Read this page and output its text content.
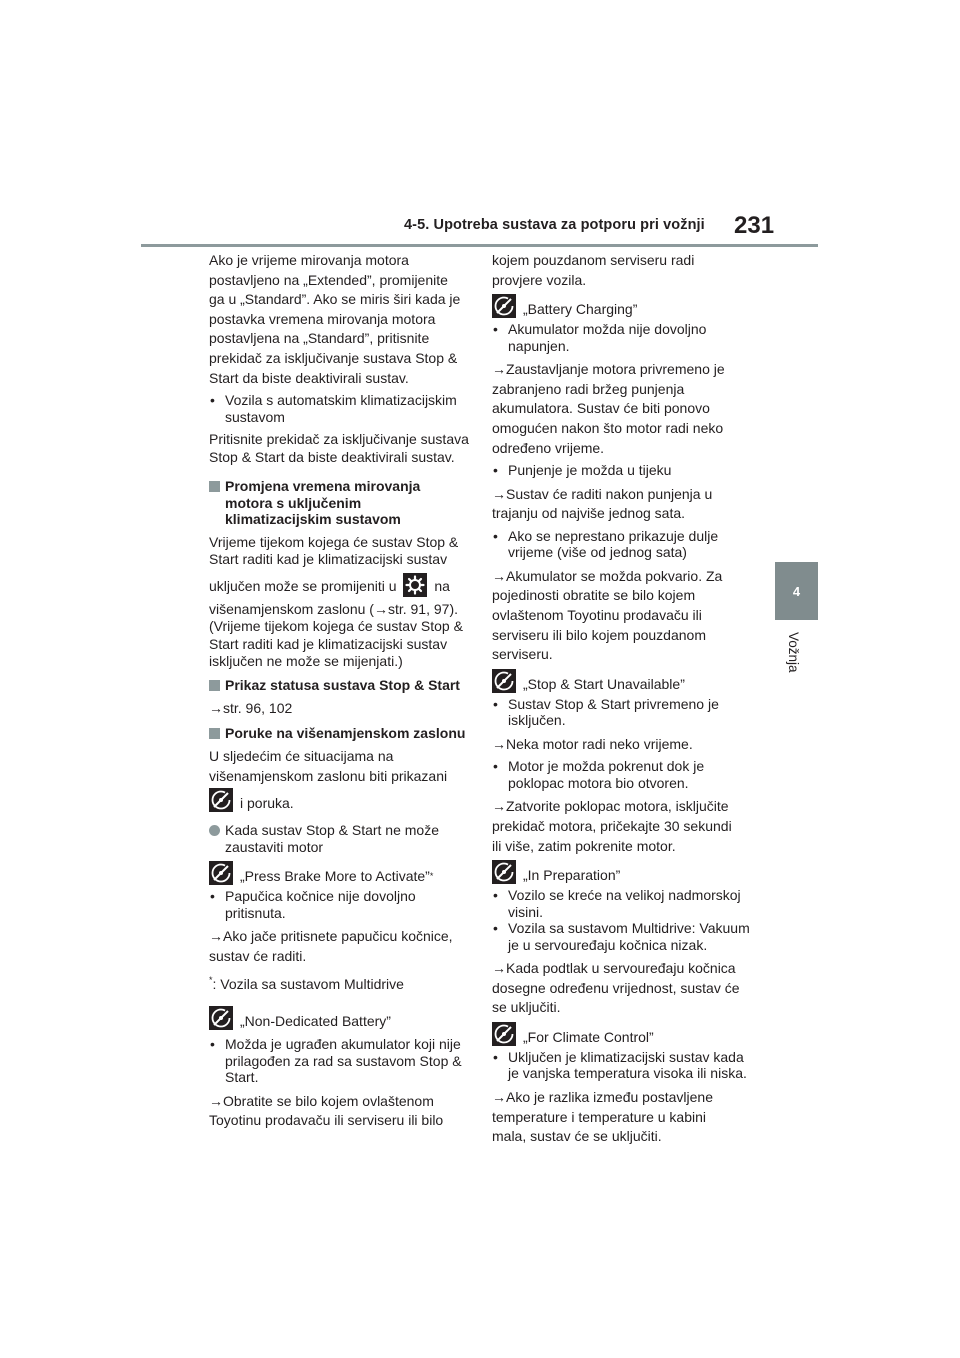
4-5. Upotreba sustava za potporu pri vožnji 231
4
Vožnja

Ako je vrijeme mirovanja motora

postavljeno na „Extended”, promijenite

ga u „Standard”. Ako se miris širi kada je

postavka vremena mirovanja motora

postavljena na „Standard”, pritisnite

prekidač za isključivanje sustava Stop &

Start da biste deaktivirali sustav.

• Vozila s automatskim klimatizacijskim sustavom

Pritisnite prekidač za isključivanje sustava Stop & Start da biste deaktivirali sustav.

Promjena vremena mirovanja motora s uključenim klimatizacijskim sustavom

Vrijeme tijekom kojega će sustav Stop & Start raditi kad je klimatizacijski sustav

uključen može se promijeniti u	na

višenamjenskom zaslonu (→str. 91, 97). (Vrijeme tijekom kojega će sustav Stop & Start raditi kad je klimatizacijski sustav isključen ne može se mijenjati.)

Prikaz statusa sustava Stop & Start

→str. 96, 102

Poruke na višenamjenskom zaslonu

U sljedećim će situacijama na

višenamjenskom zaslonu biti prikazani

i poruka.
Kada sustav Stop & Start ne može zaustaviti motor
„Press Brake More to Activate” *
• Papučica kočnice nije dovoljno pritisnuta.

→Ako jače pritisnete papučicu kočnice,

sustav će raditi.

*: Vozila sa sustavom Multidrive

„Non-Dedicated Battery”
• Možda je ugrađen akumulator koji nije prilagođen za rad sa sustavom Stop & Start.

→Obratite se bilo kojem ovlaštenom

Toyotinu prodavaču ili serviseru ili bilo

kojem pouzdanom serviseru radi

provjere vozila.

„Battery Charging”
• Akumulator možda nije dovoljno napunjen.

→Zaustavljanje motora privremeno je

zabranjeno radi bržeg punjenja

akumulatora. Sustav će biti ponovo

omogućen nakon što motor radi neko

određeno vrijeme.

• Punjenje je možda u tijeku

→Sustav će raditi nakon punjenja u

trajanju od najviše jednog sata.

• Ako se neprestano prikazuje dulje vrijeme (više od jednog sata)

→Akumulator se možda pokvario. Za

pojedinosti obratite se bilo kojem

ovlaštenom Toyotinu prodavaču ili

serviseru ili bilo kojem pouzdanom

serviseru.

„Stop & Start Unavailable”
• Sustav Stop & Start privremeno je isključen.

→Neka motor radi neko vrijeme.

• Motor je možda pokrenut dok je poklopac motora bio otvoren.

→Zatvorite poklopac motora, isključite

prekidač motora, pričekajte 30 sekundi

ili više, zatim pokrenite motor.

„In Preparation”
• Vozilo se kreće na velikoj nadmorskoj visini.
• Vozila sa sustavom Multidrive: Vakuum je u servouređaju kočnica nizak.

→Kada podtlak u servouređaju kočnica

dosegne određenu vrijednost, sustav će

se uključiti.

„For Climate Control”
• Uključen je klimatizacijski sustav kada je vanjska temperatura visoka ili niska.

→Ako je razlika između postavljene

temperature i temperature u kabini

mala, sustav će se uključiti.
